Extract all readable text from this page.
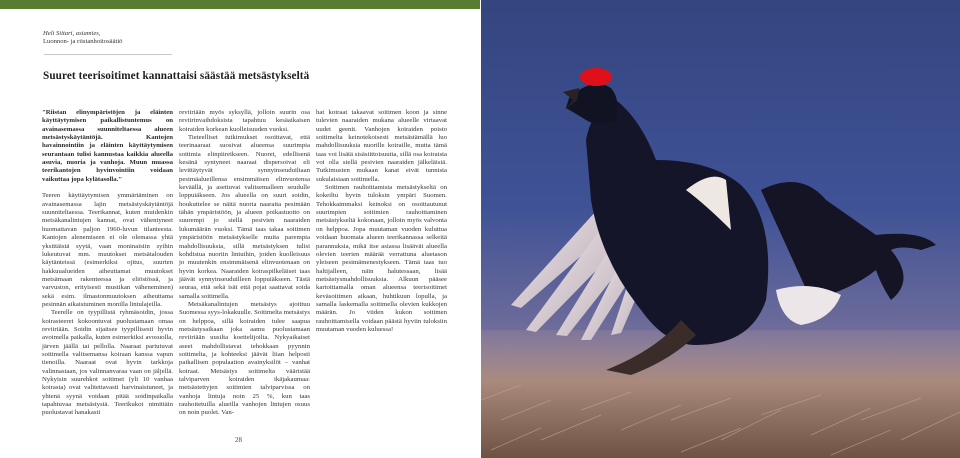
Heli Siitari, asiamies,
Luonnon- ja riistanhoitosäätiö
Suuret teerisoitimet kannattaisi säästää metsästykseltä

"Riistan elinympäristöjen ja eläinten käyttäytymisen paikallistuntemus on avainasemassa suunniteltaessa alueen metsästyskäytäntöjä. Kantojen havainnointiin ja eläinten käyttäytymisen seurantaan tulisi kannustaa kaikkia alueella asuvia, nuoria ja vanhoja. Muun muassa teerikantojen hyvinvointiin voidaan vaikuttaa jopa kylätasolla."

Teeren käyttäytymisen ymmärtäminen on avainasemassa lajin metsästyskäytäntöjä suunniteltaessa. Teerikannat, kuten muidenkin metsäkanalintujen kannat, ovat vähentyneet huomattavan paljon 1960-luvun tilanteesta. Kantojen alenemiseen ei ole olemassa yhtä yksittäistä syytä, vaan moninaisiin syihin lukeutuvat mm. muutokset metsätalouden käytänteissä (esimerkiksi ojitus, suurten hakkuualueiden aiheuttamat muutokset metsämaan rakenteessa ja eliöstössä, ja varvuston, erityisesti mustikan väheneminen) sekä esim. ilmastonmuutoksen aiheuttama pesinnän aikaistuminen monilla lintulajeilla.

Teerelle on tyypillistä ryhmäsoidin, jossa koirasteeret kokoontuvat puolustamaan omaa reviiriään. Soidin sijaitsee tyypillisesti hyvin avoimella paikalla, kuten esimerkiksi avosuolla, järven jäällä tai pellolla. Naaraat pariutuvat soitimella valitsemansa koiraan kanssa vapun tienoilla. Naaraat ovat hyvin tarkkoja valinnastaan, jos valinnanvaraa vaan on jäljellä. Nykyisin suurehkot soitimet (yli 10 vanhaa koirasta) ovat valitettavasti harvinaistuneet, ja yhtenä syynä voidaan pitää soidinpaikalla tapahtuvaa metsästystä. Teerikukot nimittäin puolustavat hanakasti

reviiriään myös syksyllä, jolloin suurin osa reviirinvaihdoksista tapahtuu kesäaikaisen koiraiden korkean kuolleisuuden vuoksi.

Tieteelliset tutkimukset osoittavat, että teerinaaraat suosivat alueensa suurimpia soitimia elinpiireikseen. Nuoret, edellisenä kesänä syntyneet naaraat dispersoivat eli levittäytyvät synnyinseuduiltaan pesimäalueillensa ensimmäisen elinvuotensa keväällä, ja asettuvat valitsemalleen seudulle loppuiäkseen. Jos alueella on suuri soidin, houkuttelee se näitä nuoria naaraita pesimään tähän ympäristöön, ja alueen poikastuotto on suurempi jo siellä pesivien naaraiden lukumäärän vuoksi. Tämä taas takaa soitimen ympäristöön metsästykselle muita parempia mahdollisuuksia, sillä metsästyksen tulisi kohdistua nuoriin lintuihin, joiden kuolleisuus jo muutenkin ensimmäisenä elinvuotenaan on hyvin korkea. Naaraiden koiraspilkeläiset taas jäävät synnyinseuduilleen loppuiäkseen. Tästä seuraa, että sekä isät että pojat saattavat soida samalla soitimella.

Metsäkanalintujen metsästys ajoittuu Suomessa syys-lokakuulle. Soitimelta metsästys on helppoa, sillä koiraiden tulee saapua metsästysaikaan joka aamu puolustamaan reviiriään uusilta koettelijoilta. Nykyaikaiset aseet mahdollistavat tehokkaan pyynnin soitimelta, ja kohteeksi jäävät liian helposti paikallisen populaation avainyksilöt – vanhat koiraat. Metsästys soitimelta vääristää talviparven koiraiden ikäjakaumaa: metsästettyjen soitimien talviparvissa on vanhoja lintuja noin 25 %, kun taas rauhoitetuilla alueilla vanhojen lintujen osuus on noin puolet. Van-

hat koiraat takaavat soitimen koon ja sinne tulevien naaraiden mukana alueelle virtaavat uudet geenit. Vanhojen koiraiden poisto soitimelta keinotekoisesti metsästämällä luo mahdollisuuksia nuorille koiraille, mutta tämä taas voi lisätä sisäsiittoisuutta, sillä osa koiraista voi olla siellä pesivien naaraiden jälkeläisiä. Tutkimusten mukaan kanat eivät tunnista sukulaisiaan soitimella.

Soitimen rauhoittamista metsästykseltä on kokeiltu hyvin tuloksin ympäri Suomen. Tehokkaimmaksi keinoksi on osoittautunut suurimpien soitimien rauhoittaminen metsästykseltä kokonaan, jolloin myös valvonta on helppoa. Jopa muutaman vuoden kuluttua voidaan huomata alueen teerikannassa selkeitä parannuksia, mikä itse asiassa lisäävät alueella olevien teerien määrää verrattuna aluetason yleiseen pesimämenestykseen. Tämä taas tuo haltijalleen, näin halutessaan, lisää metsästysmahdollisuuksia. Alkuun pääsee kartoittamalla oman alueensa teerisoitimet keväsoitimen aikaan, huhtikuun lopulla, ja samalla laskemalla soitimella olevien kukkojen määrän. Jo viiden kukon soitimen rauhoittamisella voidaan päästä hyviin tuloksiin muutaman vuoden kuluessa!

28
